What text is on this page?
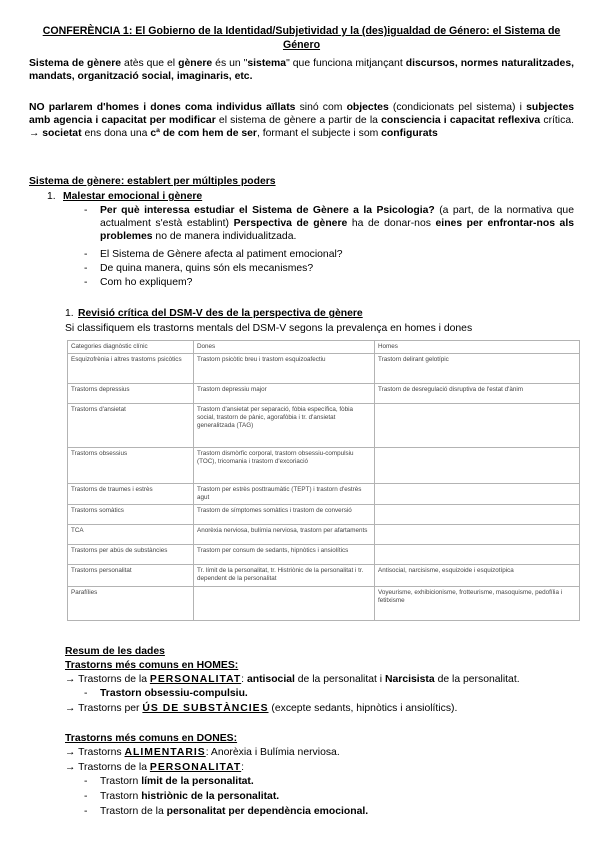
CONFERÈNCIA 1: El Gobierno de la Identidad/Subjetividad y la (des)igualdad de Género: el Sistema de Género
Sistema de gènere atès que el gènere és un "sistema" que funciona mitjançant discursos, normes naturalitzades, mandats, organització social, imaginaris, etc.
NO parlarem d'homes i dones coma individus aïllats sinó com objectes (condicionats pel sistema) i subjectes amb agencia i capacitat per modificar el sistema de gènere a partir de la consciencia i capacitat reflexiva crítica. → societat ens dona una cª de com hem de ser, formant el subjecte i som configurats
Sistema de gènere: establert per múltiples poders
1. Malestar emocional i gènere
- Per què interessa estudiar el Sistema de Gènere a la Psicologia? (a part, de la normativa que actualment s'està establint) Perspectiva de gènere ha de donar-nos eines per enfrontar-nos als problemes no de manera individualitzada.
- El Sistema de Gènere afecta al patiment emocional?
- De quina manera, quins són els mecanismes?
- Com ho expliquem?
1. Revisió crítica del DSM-V des de la perspectiva de gènere
Si classifiquem els trastorns mentals del DSM-V segons la prevalença en homes i dones
Categories diagnòstic clínic	Dones	Homes
Esquizofrènia i altres trastorns psicòtics	Trastorn psicòtic breu i trastorn esquizoafectiu	Trastorn delirant gelotípic
Trastorns depressius	Trastorn depressiu major	Trastorn de desregulació disruptiva de l'estat d'ànim
Trastorns d'ansietat	Trastorn d'ansietat per separació, fòbia específica, fòbia social, trastorn de pànic, agorafòbia i tr. d'ansietat generalitzada (TAG)	
Trastorns obsessius	Trastorn dismòrfic corporal, trastorn obsessiu-compulsiu (TOC), tricomania i trastorn d'excoriació	
Trastorns de traumes i estrès	Trastorn per estrès posttraumàtic (TEPT) i trastorn d'estrès agut	
Trastorns somàtics	Trastorn de símptomes somàtics i trastorn de conversió	
TCA	Anorèxia nerviosa, bulímia nerviosa, trastorn per afartaments	
Trastorns per abús de substàncies	Trastorn per consum de sedants, hipnòtics i ansiolítics	
Trastorns personalitat	Tr. límit de la personalitat, tr. Histriònic de la personalitat i tr. dependent de la personalitat	Antisocial, narcisisme, esquizoide i esquizotípica
Parafílies		Voyeurisme, exhibicionisme, frotteurisme, masoquisme, pedofília i fetitxisme
Resum de les dades
Trastorns més comuns en HOMES:
→ Trastorns de la PERSONALITAT: antisocial de la personalitat i Narcisista de la personalitat.
- Trastorn obsessiu-compulsiu.
→ Trastorns per ÚS DE SUBSTÀNCIES (excepte sedants, hipnòtics i ansiolítics).
Trastorns més comuns en DONES:
→ Trastorns ALIMENTARIS: Anorèxia i Bulímia nerviosa.
→ Trastorns de la PERSONALITAT:
- Trastorn límit de la personalitat.
- Trastorn histriònic de la personalitat.
- Trastorn de la personalitat per dependència emocional.
